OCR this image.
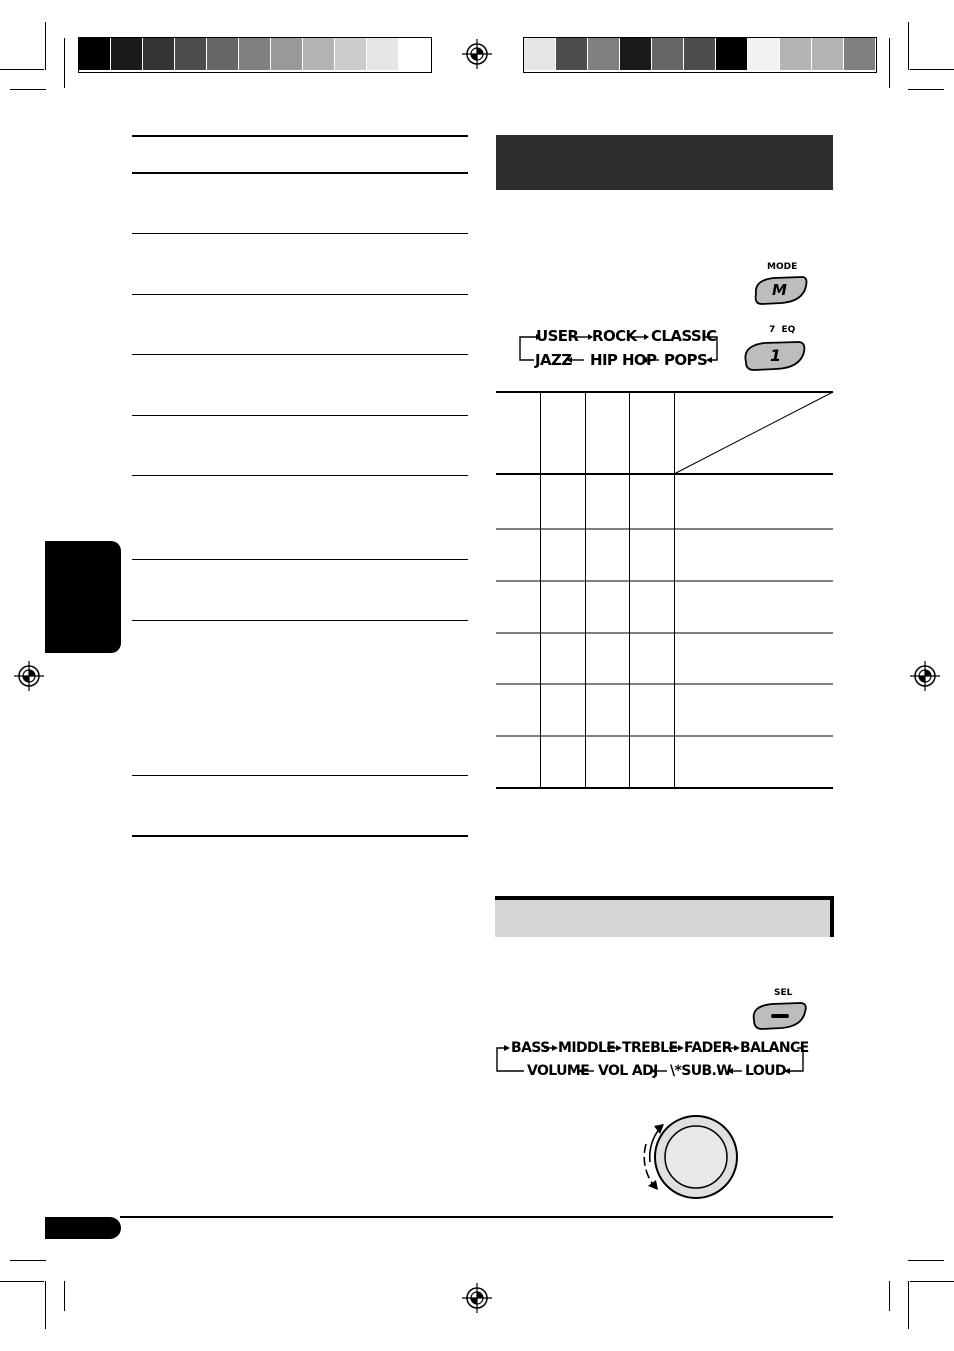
MODE
M
USER ROCK CLASSIC
JAZZ HIP HOP POPS
7  EQ
1
SEL
BASS MIDDLE TREBLE FADER BALANCE
VOLUME VOL ADJ \*SUB.W LOUD
